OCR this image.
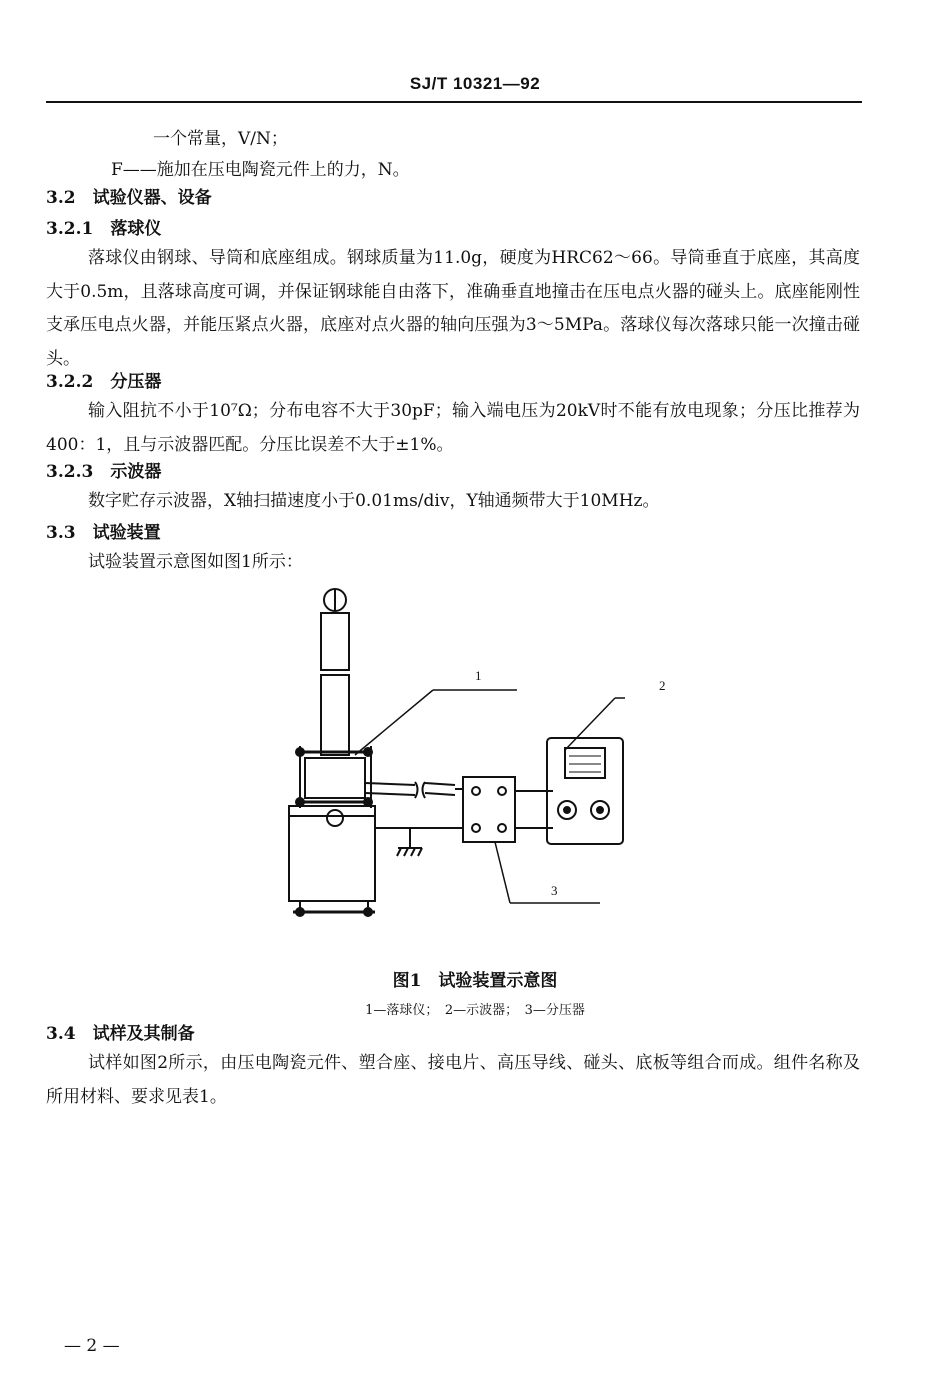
SJ/T 10321—92
一个常量，V/N；
F——施加在压电陶瓷元件上的力，N。
3.2　试验仪器、设备
3.2.1　落球仪
落球仪由钢球、导筒和底座组成。钢球质量为11.0g，硬度为HRC62～66。导筒垂直于底座，其高度大于0.5m，且落球高度可调，并保证钢球能自由落下，准确垂直地撞击在压电点火器的碰头上。底座能刚性支承压电点火器，并能压紧点火器，底座对点火器的轴向压强为3～5MPa。落球仪每次落球只能一次撞击碰头。
3.2.2　分压器
输入阻抗不小于10⁷Ω；分布电容不大于30pF；输入端电压为20kV时不能有放电现象；分压比推荐为400：1，且与示波器匹配。分压比误差不大于±1%。
3.2.3　示波器
数字贮存示波器，X轴扫描速度小于0.01ms/div，Y轴通频带大于10MHz。
3.3　试验装置
试验装置示意图如图1所示：
1
2
3
图1　试验装置示意图
1—落球仪；　2—示波器；　3—分压器
3.4　试样及其制备
试样如图2所示，由压电陶瓷元件、塑合座、接电片、高压导线、碰头、底板等组合而成。组件名称及所用材料、要求见表1。
— 2 —
